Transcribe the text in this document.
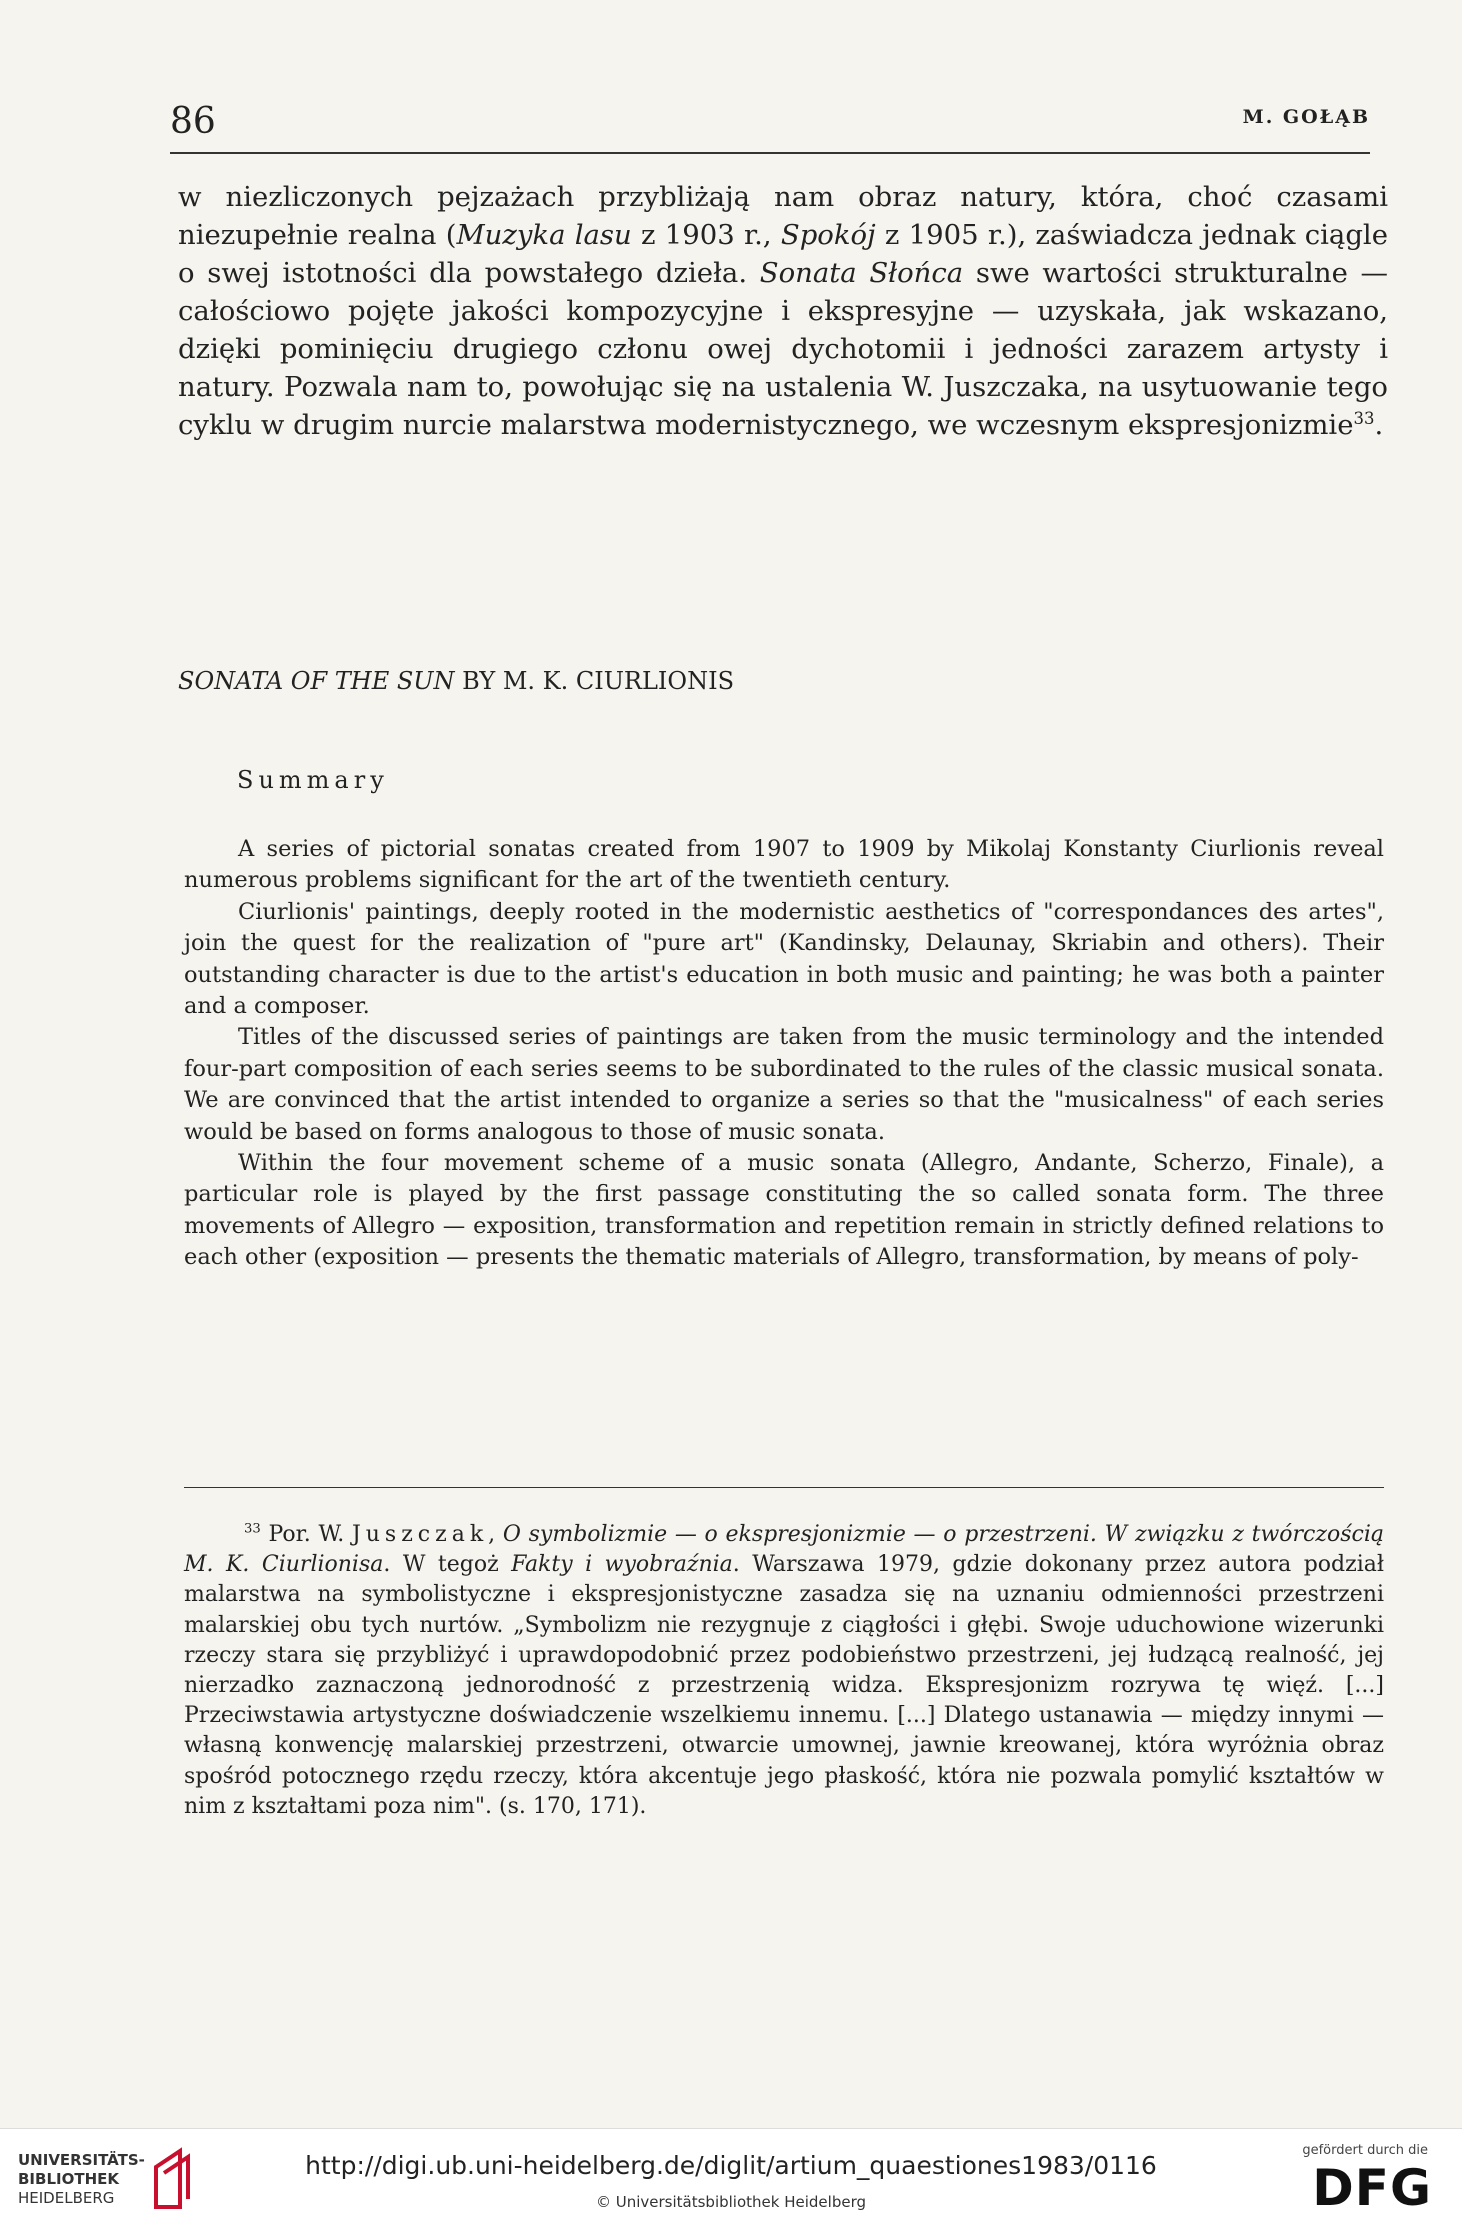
86	M. GOŁĄB

w niezliczonych pejzażach przybliżają nam obraz natury, która, choć czasami niezupełnie realna (Muzyka lasu z 1903 r., Spokój z 1905 r.), zaświadcza jednak ciągle o swej istotności dla powstałego dzieła. Sonata Słońca swe wartości strukturalne — całościowo pojęte jakości kompozycyjne i ekspresyjne — uzyskała, jak wskazano, dzięki pominięciu drugiego członu owej dychotomii i jedności zarazem artysty i natury. Pozwala nam to, powołując się na ustalenia W. Juszczaka, na usytuowanie tego cyklu w drugim nurcie malarstwa modernistycznego, we wczesnym ekspresjonizmie$^{33}$.

SONATA OF THE SUN BY M. K. CIURLIONIS
Summary

A series of pictorial sonatas created from 1907 to 1909 by Mikolaj Konstanty Ciurlionis reveal numerous problems significant for the art of the twentieth century.

Ciurlionis' paintings, deeply rooted in the modernistic aesthetics of "correspondances des artes", join the quest for the realization of "pure art" (Kandinsky, Delaunay, Skriabin and others). Their outstanding character is due to the artist's education in both music and painting; he was both a painter and a composer.

Titles of the discussed series of paintings are taken from the music terminology and the intended four-part composition of each series seems to be subordinated to the rules of the classic musical sonata. We are convinced that the artist intended to organize a series so that the "musicalness" of each series would be based on forms analogous to those of music sonata.

Within the four movement scheme of a music sonata (Allegro, Andante, Scherzo, Finale), a particular role is played by the first passage constituting the so called sonata form. The three movements of Allegro — exposition, transformation and repetition remain in strictly defined relations to each other (exposition — presents the thematic materials of Allegro, transformation, by means of poly-

$^{33}$ Por. W. Juszczak, O symbolizmie — o ekspresjonizmie — o przestrzeni. W związku z twórczością M. K. Ciurlionisa. W tegoż Fakty i wyobraźnia. Warszawa 1979, gdzie dokonany przez autora podział malarstwa na symbolistyczne i ekspresjonistyczne zasadza się na uznaniu odmienności przestrzeni malarskiej obu tych nurtów. „Symbolizm nie rezygnuje z ciągłości i głębi. Swoje uduchowione wizerunki rzeczy stara się przybliżyć i uprawdopodobnić przez podobieństwo przestrzeni, jej łudzącą realność, jej nierzadko zaznaczoną jednorodność z przestrzenią widza. Ekspresjonizm rozrywa tę więź. [...] Przeciwstawia artystyczne doświadczenie wszelkiemu innemu. [...] Dlatego ustanawia — między innymi — własną konwencję malarskiej przestrzeni, otwarcie umownej, jawnie kreowanej, która wyróżnia obraz spośród potocznego rzędu rzeczy, która akcentuje jego płaskość, która nie pozwala pomylić kształtów w nim z kształtami poza nim". (s. 170, 171).

UNIVERSITÄTS-
BIBLIOTHEK
HEIDELBERG
http://digi.ub.uni-heidelberg.de/diglit/artium_quaestiones1983/0116
© Universitätsbibliothek Heidelberg
gefördert durch die
DFG
